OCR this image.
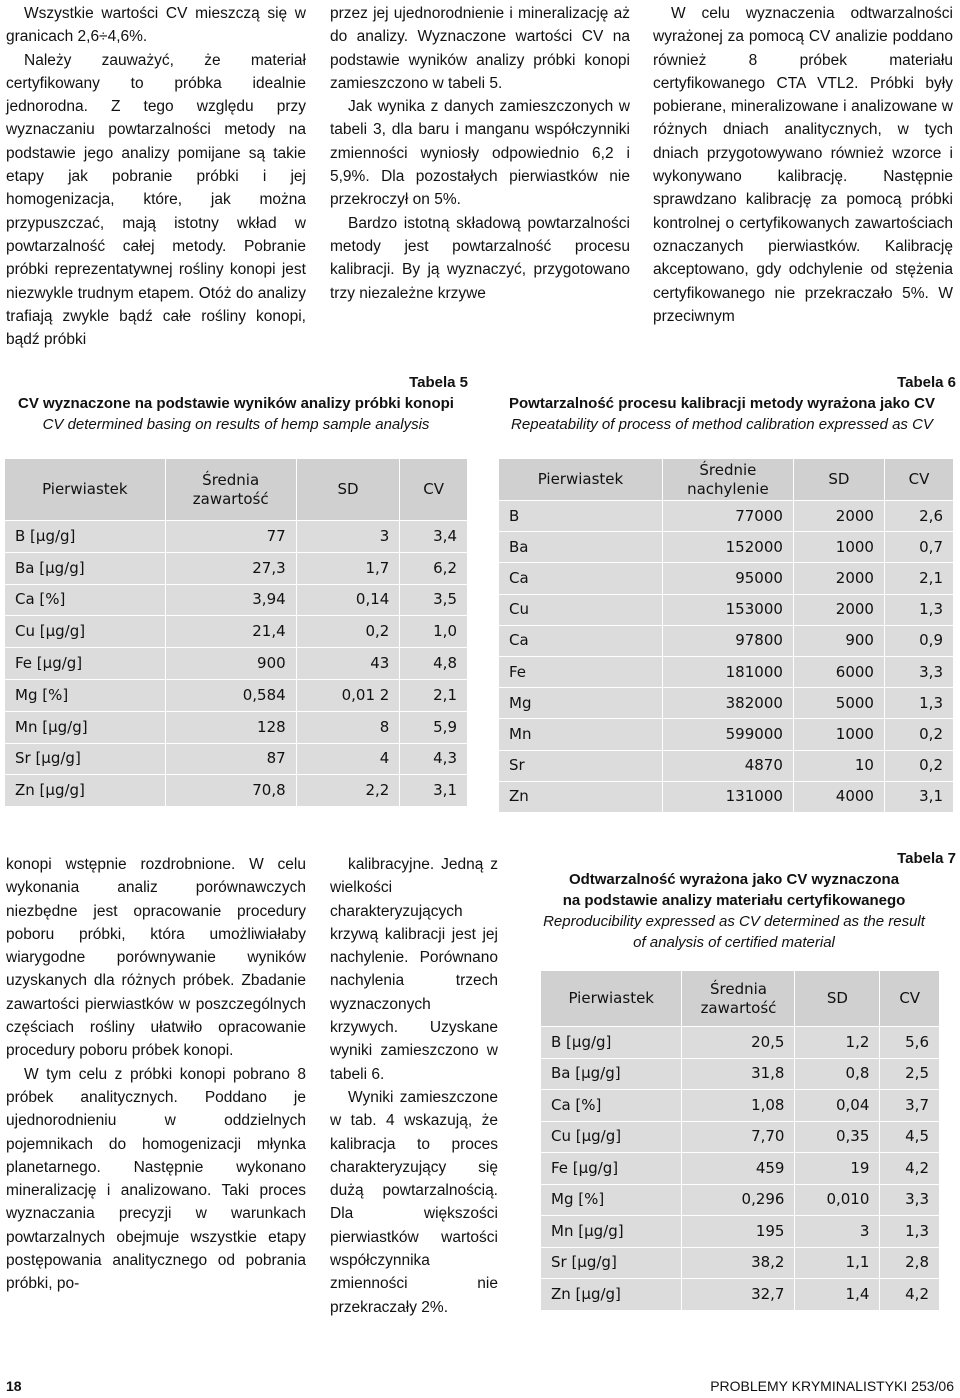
Wszystkie wartości CV mieszczą się w granicach 2,6÷4,6%.

Należy zauważyć, że materiał certyfikowany to próbka idealnie jednorodna. Z tego względu przy wyznaczaniu powtarzalności metody na podstawie jego analizy pomijane są takie etapy jak pobranie próbki i jej homogenizacja, które, jak można przypuszczać, mają istotny wkład w powtarzalność całej metody. Pobranie próbki reprezentatywnej rośliny konopi jest niezwykle trudnym etapem. Otóż do analizy trafiają zwykle bądź całe rośliny konopi, bądź próbki

przez jej ujednorodnienie i mineralizację aż do analizy. Wyznaczone wartości CV na podstawie wyników analizy próbki konopi zamieszczono w tabeli 5.

Jak wynika z danych zamieszczonych w tabeli 3, dla baru i manganu współczynniki zmienności wyniosły odpowiednio 6,2 i 5,9%. Dla pozostałych pierwiastków nie przekroczył on 5%.

Bardzo istotną składową powtarzalności metody jest powtarzalność procesu kalibracji. By ją wyznaczyć, przygotowano trzy niezależne krzywe

W celu wyznaczenia odtwarzalności wyrażonej za pomocą CV analizie poddano również 8 próbek materiału certyfikowanego CTA VTL2. Próbki były pobierane, mineralizowane i analizowane w różnych dniach analitycznych, w tych dniach przygotowywano również wzorce i wykonywano kalibrację. Następnie sprawdzano kalibrację za pomocą próbki kontrolnej o certyfikowanych zawartościach oznaczanych pierwiastków. Kalibrację akceptowano, gdy odchylenie od stężenia certyfikowanego nie przekraczało 5%. W przeciwnym

Tabela 5
CV wyznaczone na podstawie wyników analizy próbki konopi
CV determined basing on results of hemp sample analysis
Pierwiastek	Średnia zawartość	SD	CV
B [µg/g]	77	3	3,4
Ba [µg/g]	27,3	1,7	6,2
Ca [%]	3,94	0,14	3,5
Cu [µg/g]	21,4	0,2	1,0
Fe [µg/g]	900	43	4,8
Mg [%]	0,584	0,01 2	2,1
Mn [µg/g]	128	8	5,9
Sr [µg/g]	87	4	4,3
Zn [µg/g]	70,8	2,2	3,1
Tabela 6
Powtarzalność procesu kalibracji metody wyrażona jako CV
Repeatability of process of method calibration expressed as CV
Pierwiastek	Średnie nachylenie	SD	CV
B	77000	2000	2,6
Ba	152000	1000	0,7
Ca	95000	2000	2,1
Cu	153000	2000	1,3
Ca	97800	900	0,9
Fe	181000	6000	3,3
Mg	382000	5000	1,3
Mn	599000	1000	0,2
Sr	4870	10	0,2
Zn	131000	4000	3,1

konopi wstępnie rozdrobnione. W celu wykonania analiz porównawczych niezbędne jest opracowanie procedury poboru próbki, która umożliwiałaby wiarygodne porównywanie wyników uzyskanych dla różnych próbek. Zbadanie zawartości pierwiastków w poszczególnych częściach rośliny ułatwiło opracowanie procedury poboru próbek konopi.

W tym celu z próbki konopi pobrano 8 próbek analitycznych. Poddano je ujednorodnieniu w oddzielnych pojemnikach do homogenizacji młynka planetarnego. Następnie wykonano mineralizację i analizowano. Taki proces wyznaczania precyzji w warunkach powtarzalnych obejmuje wszystkie etapy postępowania analitycznego od pobrania próbki, po-

kalibracyjne. Jedną z wielkości charakteryzujących krzywą kalibracji jest jej nachylenie. Porównano nachylenia trzech wyznaczonych krzywych. Uzyskane wyniki zamieszczono w tabeli 6.

Wyniki zamieszczone w tab. 4 wskazują, że kalibracja to proces charakteryzujący się dużą powtarzalnością. Dla większości pierwiastków wartości współczynnika zmienności nie przekraczały 2%.

Tabela 7
Odtwarzalność wyrażona jako CV wyznaczona
na podstawie analizy materiału certyfikowanego
Reproducibility expressed as CV determined as the result
of analysis of certified material
Pierwiastek	Średnia zawartość	SD	CV
B [µg/g]	20,5	1,2	5,6
Ba [µg/g]	31,8	0,8	2,5
Ca [%]	1,08	0,04	3,7
Cu [µg/g]	7,70	0,35	4,5
Fe [µg/g]	459	19	4,2
Mg [%]	0,296	0,010	3,3
Mn [µg/g]	195	3	1,3
Sr [µg/g]	38,2	1,1	2,8
Zn [µg/g]	32,7	1,4	4,2
18	PROBLEMY KRYMINALISTYKI 253/06
